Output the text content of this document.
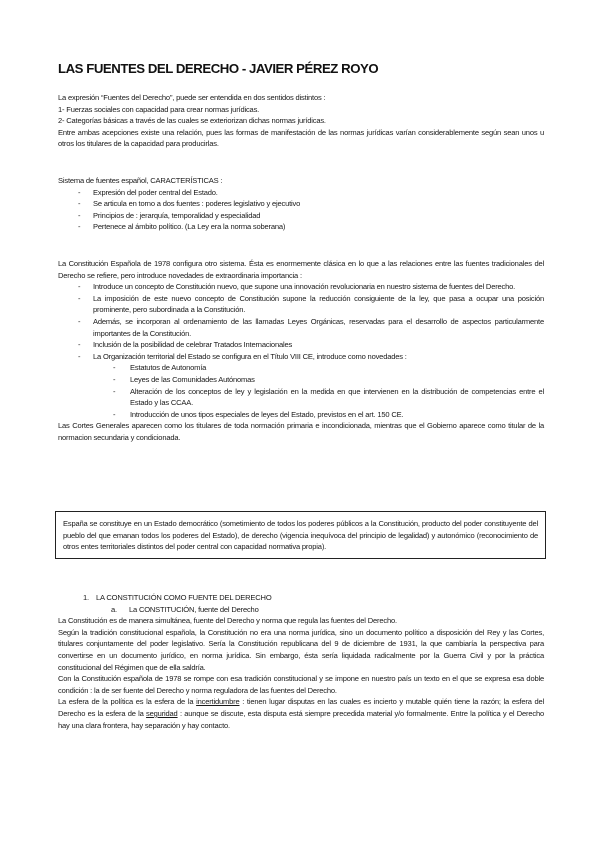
LAS FUENTES DEL DERECHO - JAVIER PÉREZ ROYO

La expresión “Fuentes del Derecho”, puede ser entendida en dos sentidos distintos :

1- Fuerzas sociales con capacidad para crear normas jurídicas.

2- Categorías básicas a través de las cuales se exteriorizan dichas normas jurídicas.

Entre ambas acepciones existe una relación, pues las formas de manifestación de las normas jurídicas varían considerablemente según sean unos u otros los titulares de la capacidad para producirlas.

Sistema de fuentes español, CARACTERÍSTICAS :

-	Expresión del poder central del Estado.
-	Se articula en torno a dos fuentes : poderes legislativo y ejecutivo
-	Principios de : jerarquía, temporalidad y especialidad
-	Pertenece al ámbito político. (La Ley era la norma soberana)

La Constitución Española de 1978 configura otro sistema. Ésta es enormemente clásica en lo que a las relaciones entre las fuentes tradicionales del Derecho se refiere, pero introduce novedades de extraordinaria importancia :

-	Introduce un concepto de Constitución nuevo, que supone una innovación revolucionaria en nuestro sistema de fuentes del Derecho.
-	La imposición de este nuevo concepto de Constitución supone la reducción consiguiente de la ley, que pasa a ocupar una posición prominente, pero subordinada a la Constitución.
-	Además, se incorporan al ordenamiento de las llamadas Leyes Orgánicas, reservadas para el desarrollo de aspectos particularmente importantes de la Constitución.
-	Inclusión de la posibilidad de celebrar Tratados Internacionales
-	La Organización territorial del Estado se configura en el Título VIII CE, introduce como novedades :
-	Estatutos de Autonomía
-	Leyes de las Comunidades Autónomas
-	Alteración de los conceptos de ley y legislación en la medida en que intervienen en la distribución de competencias entre el Estado y las CCAA.
-	Introducción de unos tipos especiales de leyes del Estado, previstos en el art. 150 CE.

Las Cortes Generales aparecen como los titulares de toda normación primaria e incondicionada, mientras que el Gobierno aparece como titular de la normacion secundaria y condicionada.

España se constituye en un Estado democrático (sometimiento de todos los poderes públicos a la Constitución, producto del poder constituyente del pueblo del que emanan todos los poderes del Estado), de derecho (vigencia inequívoca del principio de legalidad) y autonómico (reconocimiento de otros entes territoriales distintos del poder central con capacidad normativa propia).
1. LA CONSTITUCIÓN COMO FUENTE DEL DERECHO
a.	La CONSTITUCIÓN, fuente del Derecho

La Constitución es de manera simultánea, fuente del Derecho y norma que regula las fuentes del Derecho.

Según la tradición constitucional española, la Constitución no era una norma jurídica, sino un documento político a disposición del Rey y las Cortes, titulares conjuntamente del poder legislativo. Sería la Constitución republicana del 9 de diciembre de 1931, la que cambiaría la perspectiva para convertirse en un documento jurídico, en norma jurídica. Sin embargo, ésta sería liquidada radicalmente por la Guerra Civil y por la práctica constitucional del Régimen que de ella saldría.

Con la Constitución española de 1978 se rompe con esa tradición constitucional y se impone en nuestro país un texto en el que se expresa esa doble condición : la de ser fuente del Derecho y norma reguladora de las fuentes del Derecho.

La esfera de la política es la esfera de la incertidumbre : tienen lugar disputas en las cuales es incierto y mutable quién tiene la razón; la esfera del Derecho es la esfera de la seguridad : aunque se discute, esta disputa está siempre precedida material y/o formalmente. Entre la política y el Derecho hay una clara frontera, hay separación y hay contacto.
